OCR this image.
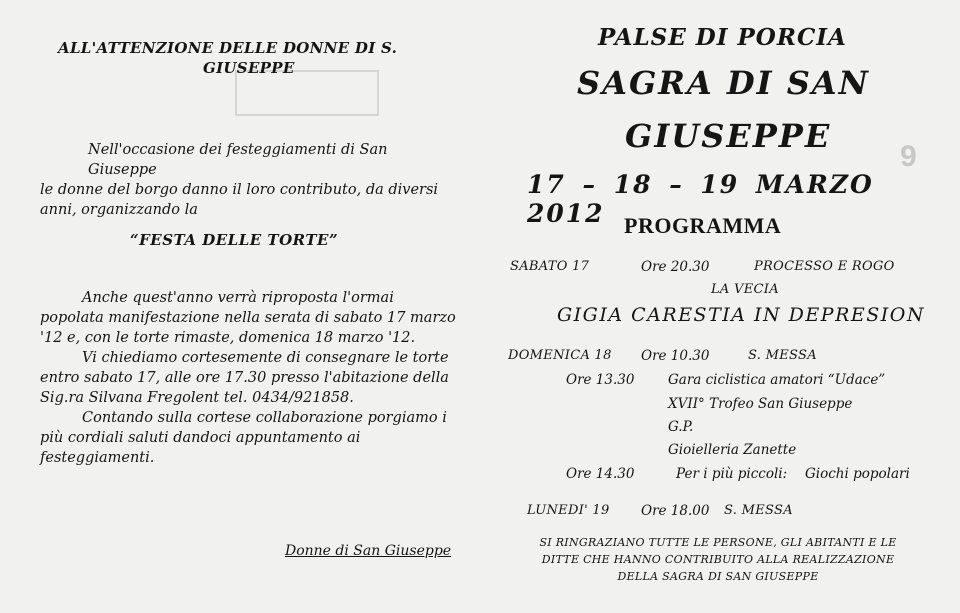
9
ALL'ATTENZIONE DELLE DONNE DI S.
GIUSEPPE
Nell'occasione dei festeggiamenti di San Giuseppe
le donne del borgo danno il loro contributo, da diversi
anni, organizzando la
“FESTA DELLE TORTE”
Anche quest'anno verrà riproposta l'ormai
popolata manifestazione nella serata di sabato 17 marzo
'12 e, con le torte rimaste, domenica 18 marzo '12.
Vi chiediamo cortesemente di consegnare le torte
entro sabato 17, alle ore 17.30 presso l'abitazione della
Sig.ra Silvana Fregolent tel. 0434/921858.
Contando sulla cortese collaborazione porgiamo i
più cordiali saluti dandoci appuntamento ai
festeggiamenti.
Donne di San Giuseppe
PALSE DI PORCIA
SAGRA DI SAN
GIUSEPPE
17 – 18 – 19 MARZO 2012 PROGRAMMA
SABATO 17	Ore 20.30	PROCESSO E ROGO
LA VECIA
GIGIA CARESTIA IN DEPRESION
DOMENICA 18 Ore 10.30	S. MESSA
Ore 13.30 Gara ciclistica amatori “Udace”
XVII° Trofeo San Giuseppe
G.P.
Gioielleria Zanette
Ore 14.30	Per i più piccoli: Giochi popolari
LUNEDI' 19 Ore 18.00 S. MESSA
SI RINGRAZIANO TUTTE LE PERSONE, GLI ABITANTI E LE
DITTE CHE HANNO CONTRIBUITO ALLA REALIZZAZIONE
DELLA SAGRA DI SAN GIUSEPPE
